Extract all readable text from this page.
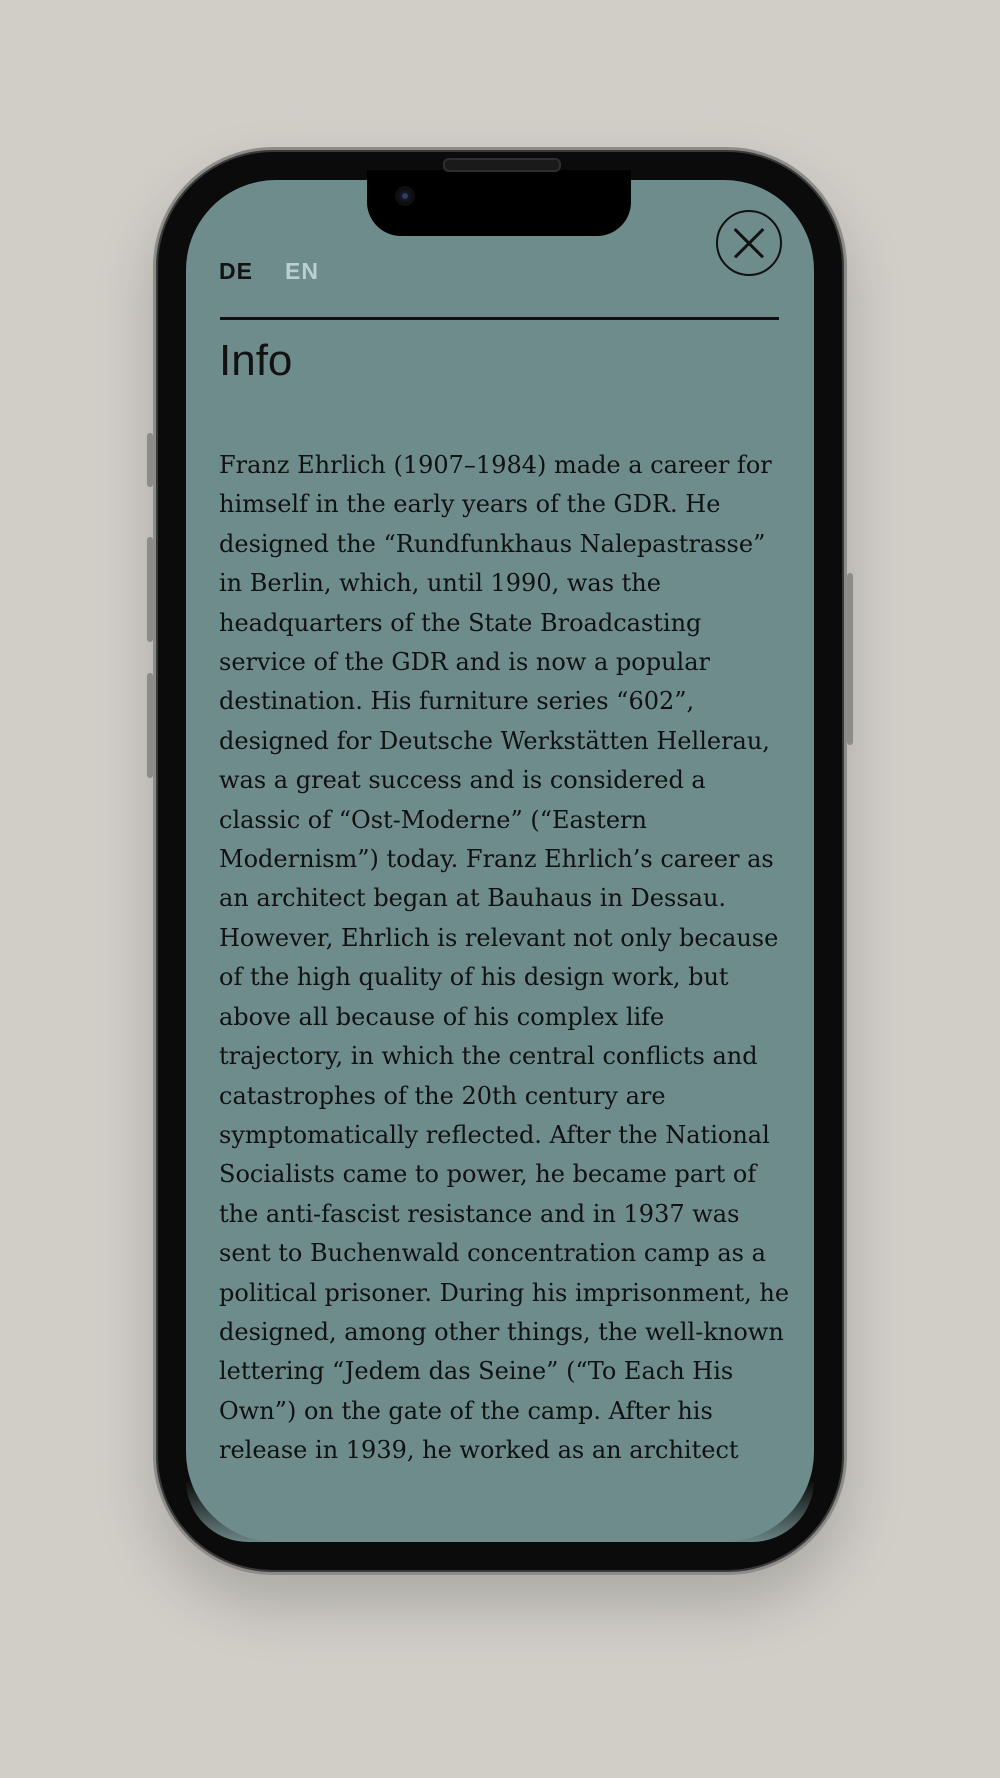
DE EN
Info

Franz Ehrlich (1907–1984) made a career for himself in the early years of the GDR. He designed the “Rundfunkhaus Nalepastrasse” in Berlin, which, until 1990, was the headquarters of the State Broadcasting service of the GDR and is now a popular destination. His furniture series “602”, designed for Deutsche Werkstätten Hellerau, was a great success and is considered a classic of “Ost-Moderne” (“Eastern Modernism”) today. Franz Ehrlich’s career as an architect began at Bauhaus in Dessau.

However, Ehrlich is relevant not only because of the high quality of his design work, but above all because of his complex life trajectory, in which the central conflicts and catastrophes of the 20th century are symptomatically reflected. After the National Socialists came to power, he became part of the anti-fascist resistance and in 1937 was sent to Buchenwald concentration camp as a political prisoner. During his imprisonment, he designed, among other things, the well-known lettering “Jedem das Seine” (“To Each His Own”) on the gate of the camp. After his release in 1939, he worked as an architect
